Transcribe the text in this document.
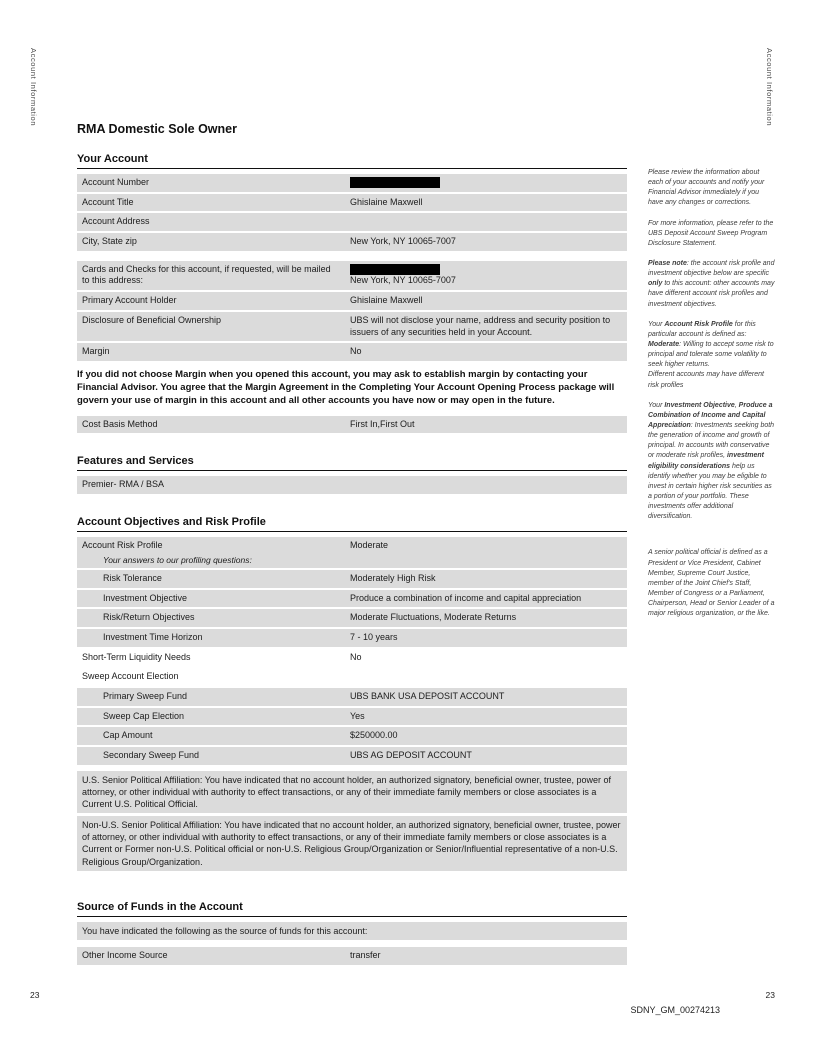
Account Information	Account Information
RMA Domestic Sole Owner
Your Account
Account Number
Account Title	Ghislaine Maxwell
Account Address
City, State zip	New York, NY 10065-7007
Cards and Checks for this account, if requested, will be mailed to this address:	New York, NY 10065-7007
Primary Account Holder	Ghislaine Maxwell
Disclosure of Beneficial Ownership	UBS will not disclose your name, address and security position to issuers of any securities held in your Account.
Margin	No
If you did not choose Margin when you opened this account, you may ask to establish margin by contacting your Financial Advisor. You agree that the Margin Agreement in the Completing Your Account Opening Process package will govern your use of margin in this account and all other accounts you have now or may open in the future.
Cost Basis Method	First In,First Out
Features and Services
Premier- RMA / BSA
Account Objectives and Risk Profile
Account Risk Profile	Moderate
Your answers to our profiling questions:
Risk Tolerance	Moderately High Risk
Investment Objective	Produce a combination of income and capital appreciation
Risk/Return Objectives	Moderate Fluctuations, Moderate Returns
Investment Time Horizon	7 - 10 years
Short-Term Liquidity Needs	No
Sweep Account Election
Primary Sweep Fund	UBS BANK USA DEPOSIT ACCOUNT
Sweep Cap Election	Yes
Cap Amount	$250000.00
Secondary Sweep Fund	UBS AG DEPOSIT ACCOUNT
U.S. Senior Political Affiliation: You have indicated that no account holder, an authorized signatory, beneficial owner, trustee, power of attorney, or other individual with authority to effect transactions, or any of their immediate family members or close associates is a Current U.S. Political Official.
Non-U.S. Senior Political Affiliation: You have indicated that no account holder, an authorized signatory, beneficial owner, trustee, power of attorney, or other individual with authority to effect transactions, or any of their immediate family members or close associates is a Current or Former non-U.S. Political official or non-U.S. Religious Group/Organization or Senior/Influential representative of a non-U.S. Religious Group/Organization.
Source of Funds in the Account
You have indicated the following as the source of funds for this account:
Other Income Source	transfer

Please review the information about each of your accounts and notify your Financial Advisor immediately if you have any changes or corrections.

For more information, please refer to the UBS Deposit Account Sweep Program Disclosure Statement.

Please note: the account risk profile and investment objective below are specific only to this account: other accounts may have different account risk profiles and investment objectives.

Your Account Risk Profile for this particular account is defined as:
Moderate: Willing to accept some risk to principal and tolerate some volatility to seek higher returns.
Different accounts may have different risk profiles

Your Investment Objective, Produce a Combination of Income and Capital Appreciation: Investments seeking both the generation of income and growth of principal. In accounts with conservative or moderate risk profiles, investment eligibility considerations help us identify whether you may be eligible to invest in certain higher risk securities as a portion of your portfolio. These investments offer additional diversification.

A senior political official is defined as a President or Vice President, Cabinet Member, Supreme Court Justice, member of the Joint Chief's Staff, Member of Congress or a Parliament, Chairperson, Head or Senior Leader of a major religious organization, or the like.

23	23
SDNY_GM_00274213
